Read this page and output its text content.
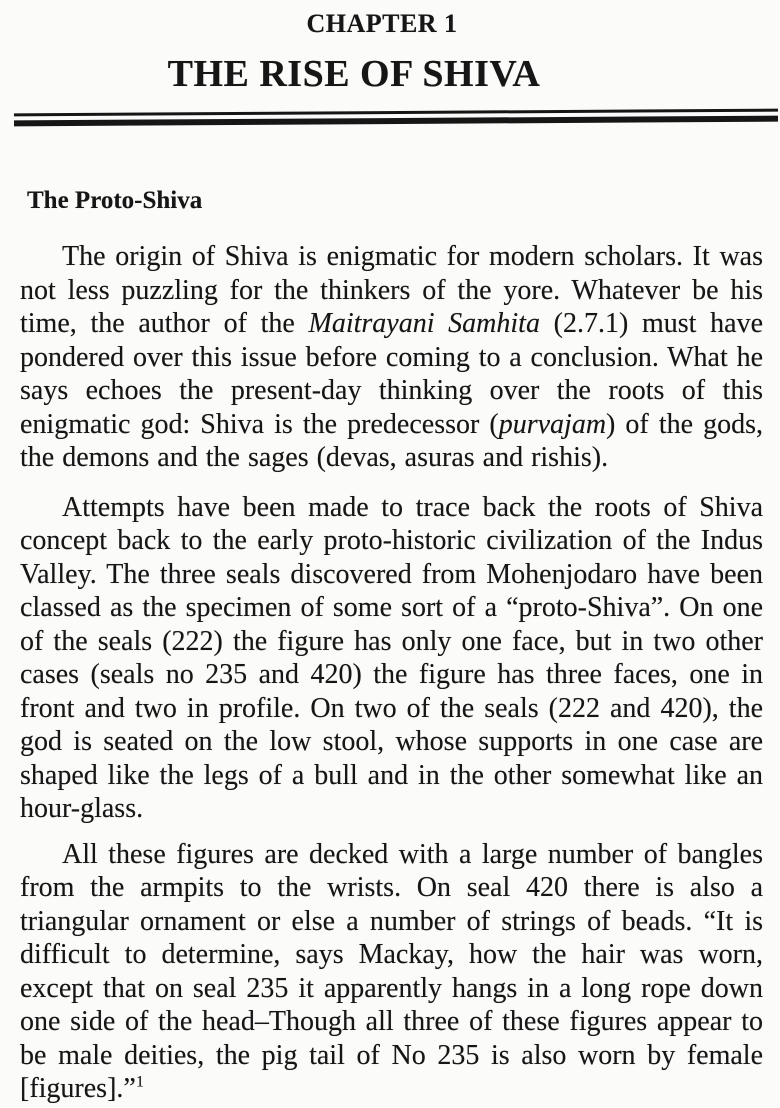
CHAPTER 1
THE RISE OF SHIVA
The Proto-Shiva

The origin of Shiva is enigmatic for modern scholars. It was not less puzzling for the thinkers of the yore. Whatever be his time, the author of the Maitrayani Samhita (2.7.1) must have pondered over this issue before coming to a conclusion. What he says echoes the present-day thinking over the roots of this enigmatic god: Shiva is the predecessor (purvajam) of the gods, the demons and the sages (devas, asuras and rishis).

Attempts have been made to trace back the roots of Shiva concept back to the early proto-historic civilization of the Indus Valley. The three seals discovered from Mohenjodaro have been classed as the specimen of some sort of a “proto-Shiva”. On one of the seals (222) the figure has only one face, but in two other cases (seals no 235 and 420) the figure has three faces, one in front and two in profile. On two of the seals (222 and 420), the god is seated on the low stool, whose supports in one case are shaped like the legs of a bull and in the other somewhat like an hour-glass.

All these figures are decked with a large number of bangles from the armpits to the wrists. On seal 420 there is also a triangular ornament or else a number of strings of beads. “It is difficult to determine, says Mackay, how the hair was worn, except that on seal 235 it apparently hangs in a long rope down one side of the head–Though all three of these figures appear to be male deities, the pig tail of No 235 is also worn by female [figures].”$^1$
